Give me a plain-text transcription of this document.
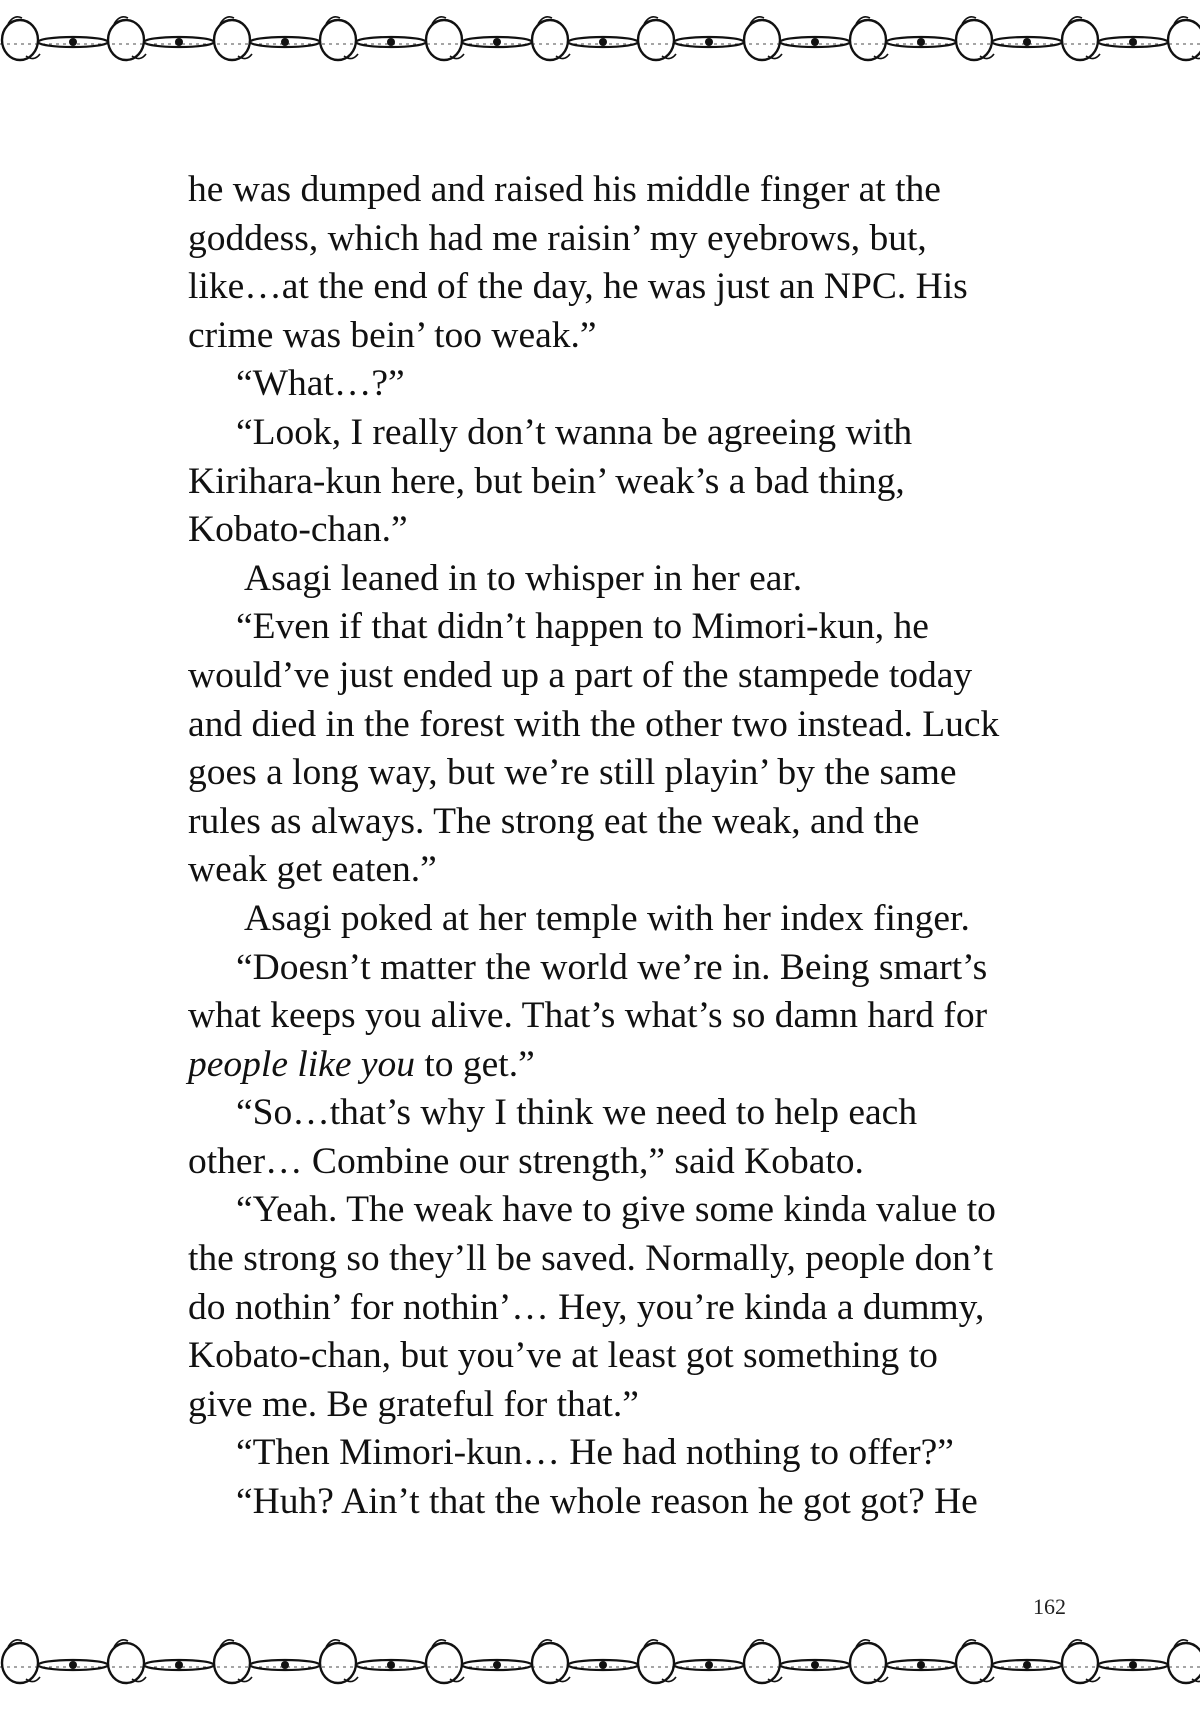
he was dumped and raised his middle finger at the
goddess, which had me raisin’ my eyebrows, but,
like…at the end of the day, he was just an NPC. His
crime was bein’ too weak.”
“What…?”
“Look, I really don’t wanna be agreeing with
Kirihara-kun here, but bein’ weak’s a bad thing,
Kobato-chan.”
Asagi leaned in to whisper in her ear.
“Even if that didn’t happen to Mimori-kun, he
would’ve just ended up a part of the stampede today
and died in the forest with the other two instead. Luck
goes a long way, but we’re still playin’ by the same
rules as always. The strong eat the weak, and the
weak get eaten.”
Asagi poked at her temple with her index finger.
“Doesn’t matter the world we’re in. Being smart’s
what keeps you alive. That’s what’s so damn hard for
people like you to get.”
“So…that’s why I think we need to help each
other… Combine our strength,” said Kobato.
“Yeah. The weak have to give some kinda value to
the strong so they’ll be saved. Normally, people don’t
do nothin’ for nothin’… Hey, you’re kinda a dummy,
Kobato-chan, but you’ve at least got something to
give me. Be grateful for that.”
“Then Mimori-kun… He had nothing to offer?”
“Huh? Ain’t that the whole reason he got got? He
162
